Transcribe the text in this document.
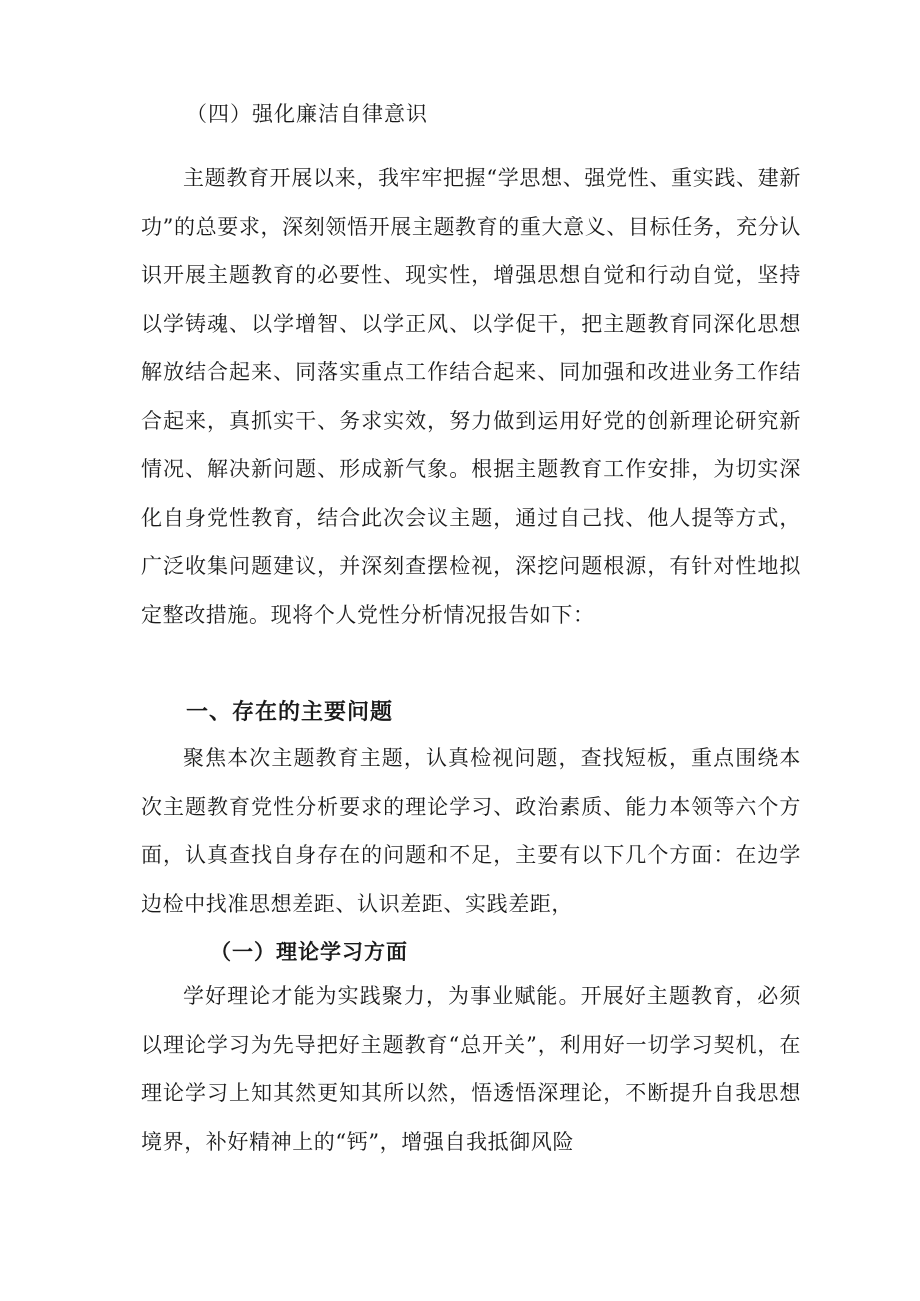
（四）强化廉洁自律意识

主题教育开展以来，我牢牢把握“学思想、强党性、重实践、建新功”的总要求，深刻领悟开展主题教育的重大意义、目标任务，充分认识开展主题教育的必要性、现实性，增强思想自觉和行动自觉，坚持以学铸魂、以学增智、以学正风、以学促干，把主题教育同深化思想解放结合起来、同落实重点工作结合起来、同加强和改进业务工作结合起来，真抓实干、务求实效，努力做到运用好党的创新理论研究新情况、解决新问题、形成新气象。根据主题教育工作安排，为切实深化自身党性教育，结合此次会议主题，通过自己找、他人提等方式，广泛收集问题建议，并深刻查摆检视，深挖问题根源，有针对性地拟定整改措施。现将个人党性分析情况报告如下：

一、存在的主要问题

聚焦本次主题教育主题，认真检视问题，查找短板，重点围绕本次主题教育党性分析要求的理论学习、政治素质、能力本领等六个方面，认真查找自身存在的问题和不足，主要有以下几个方面：在边学边检中找准思想差距、认识差距、实践差距，

（一）理论学习方面

学好理论才能为实践聚力，为事业赋能。开展好主题教育，必须以理论学习为先导把好主题教育“总开关”，利用好一切学习契机，在理论学习上知其然更知其所以然，悟透悟深理论，不断提升自我思想境界，补好精神上的“钙”，增强自我抵御风险
